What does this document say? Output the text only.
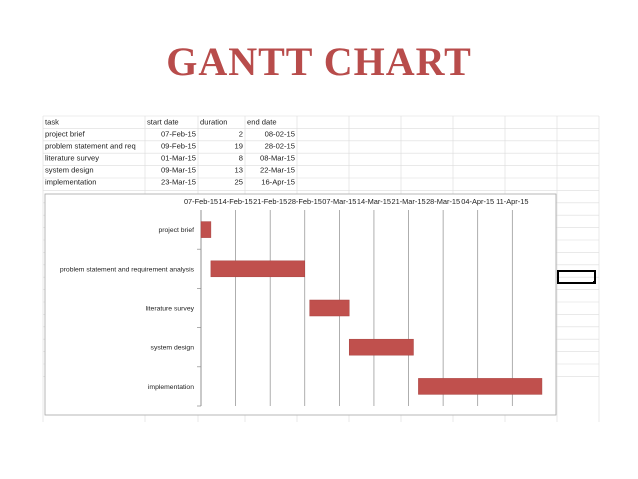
GANTT CHART
task	start date	duration	end date
project brief	07-Feb-15	2	08-02-15
problem statement and req	09-Feb-15	19	28-02-15
literature survey	01-Mar-15	8 08-Mar-15
system design	09-Mar-15	13 22-Mar-15
implementation	23-Mar-15	25 16-Apr-15
07-Feb-15 14-Feb-15 21-Feb-15 28-Feb-15 07-Mar-15 14-Mar-15 21-Mar-15 28-Mar-15 04-Apr-15 11-Apr-15
project brief
problem statement and requirement analysis
literature survey
system design
implementation
